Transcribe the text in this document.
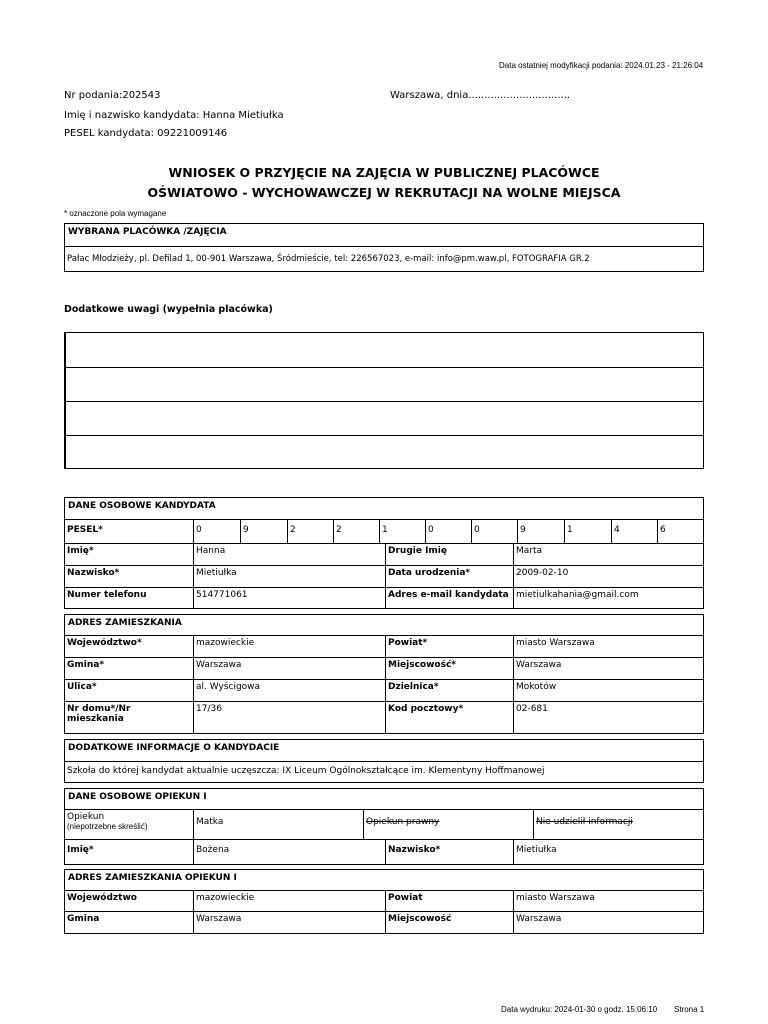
Data ostatniej modyfikacji podania: 2024.01.23 - 21:26:04
Nr podania:202543	Warszawa, dnia................................
Imię i nazwisko kandydata: Hanna Mietiułka
PESEL kandydata: 09221009146
WNIOSEK O PRZYJĘCIE NA ZAJĘCIA W PUBLICZNEJ PLACÓWCE
OŚWIATOWO - WYCHOWAWCZEJ W REKRUTACJI NA WOLNE MIEJSCA
* oznaczone pola wymagane
WYBRANA PLACÓWKA /ZAJĘCIA
Pałac Młodzieży, pl. Defilad 1, 00-901 Warszawa, Śródmieście, tel: 226567023, e-mail: info@pm.waw.pl, FOTOGRAFIA GR.2
Dodatkowe uwagi (wypełnia placówka)
DANE OSOBOWE KANDYDATA
PESEL*	0	9	2	2	1	0	0	9	1	4	6
Imię*	Hanna	Drugie Imię	Marta
Nazwisko*	Mietiułka	Data urodzenia*	2009-02-10
Numer telefonu	514771061	Adres e-mail kandydata mietiulkahania@gmail.com
ADRES ZAMIESZKANIA
Województwo*	mazowieckie	Powiat*	miasto Warszawa
Gmina*	Warszawa	Miejscowość*	Warszawa
Ulica*	al. Wyścigowa	Dzielnica*	Mokotów
Nr domu*/Nr
mieszkania
17/36	Kod pocztowy*	02-681
DODATKOWE INFORMACJE O KANDYDACIE
Szkoła do której kandydat aktualnie uczęszcza: IX Liceum Ogólnokształcące im. Klementyny Hoffmanowej
DANE OSOBOWE OPIEKUN I
Opiekun
(niepotrzebne skreślić)	Matka	Opiekun prawny	Nie udzielił informacji
Imię*	Bożena	Nazwisko*	Mietiułka
ADRES ZAMIESZKANIA OPIEKUN I
Województwo	mazowieckie	Powiat	miasto Warszawa
Gmina	Warszawa	Miejscowość	Warszawa
Data wydruku: 2024-01-30 o godz. 15:06:10 Strona 1
